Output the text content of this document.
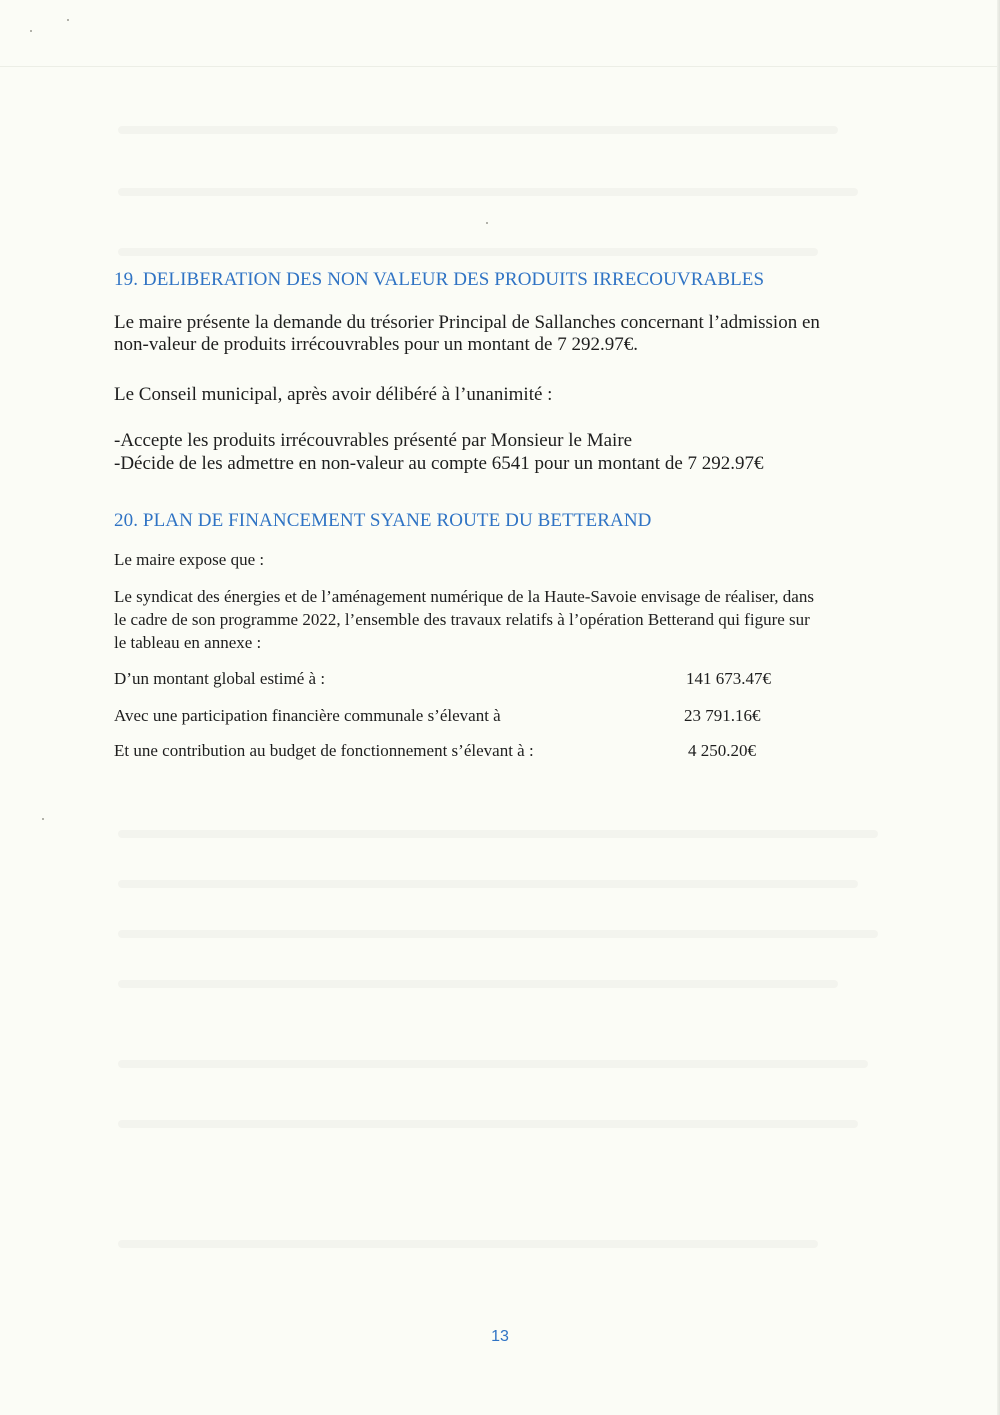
19. DELIBERATION DES NON VALEUR DES PRODUITS IRRECOUVRABLES

Le maire présente la demande du trésorier Principal de Sallanches concernant l’admission en

non-valeur de produits irrécouvrables pour un montant de 7 292.97€.

Le Conseil municipal, après avoir délibéré à l’unanimité :

-Accepte les produits irrécouvrables présenté par Monsieur le Maire

-Décide de les admettre en non-valeur au compte 6541 pour un montant de 7 292.97€

20. PLAN DE FINANCEMENT SYANE ROUTE DU BETTERAND

Le maire expose que :

Le syndicat des énergies et de l’aménagement numérique de la Haute-Savoie envisage de réaliser, dans

le cadre de son programme 2022, l’ensemble des travaux relatifs à l’opération Betterand qui figure sur

le tableau en annexe :

D’un montant global estimé à :	141 673.47€
Avec une participation financière communale s’élevant à	23 791.16€
Et une contribution au budget de fonctionnement s’élevant à :	4 250.20€
13
